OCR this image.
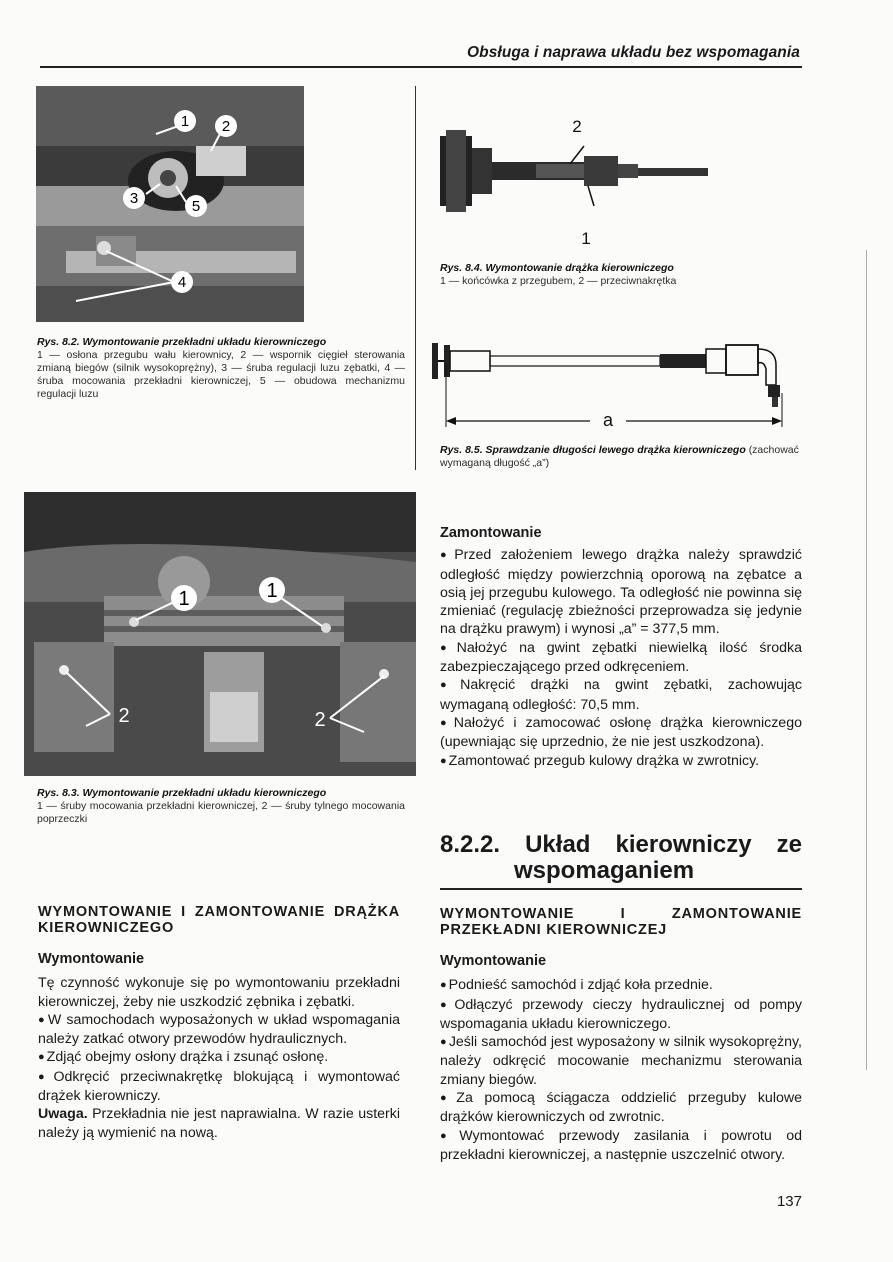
Obsługa i naprawa układu bez wspomagania
1 2
3
4
5
Rys. 8.2. Wymontowanie przekładni układu kierowniczego
1 — osłona przegubu wału kierownicy, 2 — wspornik cięgieł sterowania zmianą biegów (silnik wysokoprężny), 3 — śruba regulacji luzu zębatki, 4 — śruba mocowania przekładni kierowniczej, 5 — obudowa mechanizmu regulacji luzu
2
1
Rys. 8.4. Wymontowanie drążka kierowniczego
1 — końcówka z przegubem, 2 — przeciwnakrętka
a
Rys. 8.5. Sprawdzanie długości lewego drążka kierowniczego (zachować wymaganą długość „a”)
1	1
2	2
Rys. 8.3. Wymontowanie przekładni układu kierowniczego
1 — śruby mocowania przekładni kierowniczej, 2 — śruby tylnego mocowania poprzeczki
WYMONTOWANIE I ZAMONTOWANIE DRĄŻKA KIEROWNICZEGO
Wymontowanie

Tę czynność wykonuje się po wymontowaniu przekładni kierowniczej, żeby nie uszkodzić zębnika i zębatki.

● W samochodach wyposażonych w układ wspomagania należy zatkać otwory przewodów hydraulicznych.

● Zdjąć obejmy osłony drążka i zsunąć osłonę.

● Odkręcić przeciwnakrętkę blokującą i wymontować drążek kierowniczy.

Uwaga. Przekładnia nie jest naprawialna. W razie usterki należy ją wymienić na nową.

Zamontowanie

● Przed założeniem lewego drążka należy sprawdzić odległość między powierzchnią oporową na zębatce a osią jej przegubu kulowego. Ta odległość nie powinna się zmieniać (regulację zbieżności przeprowadza się jedynie na drążku prawym) i wynosi „a” = 377,5 mm.

● Nałożyć na gwint zębatki niewielką ilość środka zabezpieczającego przed odkręceniem.

● Nakręcić drążki na gwint zębatki, zachowując wymaganą odległość: 70,5 mm.

● Nałożyć i zamocować osłonę drążka kierowniczego (upewniając się uprzednio, że nie jest uszkodzona).

● Zamontować przegub kulowy drążka w zwrotnicy.

8.2.2. Układ kierowniczy ze
wspomaganiem
WYMONTOWANIE I ZAMONTOWANIE PRZEKŁADNI KIEROWNICZEJ
Wymontowanie

● Podnieść samochód i zdjąć koła przednie.

● Odłączyć przewody cieczy hydraulicznej od pompy wspomagania układu kierowniczego.

● Jeśli samochód jest wyposażony w silnik wysokoprężny, należy odkręcić mocowanie mechanizmu sterowania zmiany biegów.

● Za pomocą ściągacza oddzielić przeguby kulowe drążków kierowniczych od zwrotnic.

● Wymontować przewody zasilania i powrotu od przekładni kierowniczej, a następnie uszczelnić otwory.

137
